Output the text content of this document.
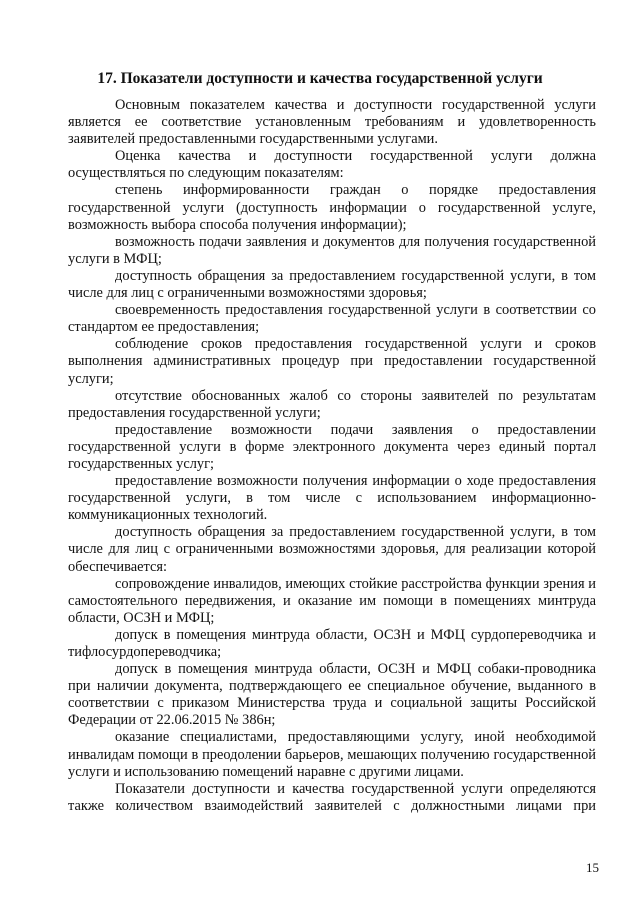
17. Показатели доступности и качества государственной услуги

Основным показателем качества и доступности государственной услуги является ее соответствие установленным требованиям и удовлетворенность заявителей предоставленными государственными услугами.

Оценка качества и доступности государственной услуги должна осуществляться по следующим показателям:

степень информированности граждан о порядке предоставления государственной услуги (доступность информации о государственной услуге, возможность выбора способа получения информации);

возможность подачи заявления и документов для получения государственной услуги в МФЦ;

доступность обращения за предоставлением государственной услуги, в том числе для лиц с ограниченными возможностями здоровья;

своевременность предоставления государственной услуги в соответствии со стандартом ее предоставления;

соблюдение сроков предоставления государственной услуги и сроков выполнения административных процедур при предоставлении государственной услуги;

отсутствие обоснованных жалоб со стороны заявителей по результатам предоставления государственной услуги;

предоставление возможности подачи заявления о предоставлении государственной услуги в форме электронного документа через единый портал государственных услуг;

предоставление возможности получения информации о ходе предоставления государственной услуги, в том числе с использованием информационно-коммуникационных технологий.

доступность обращения за предоставлением государственной услуги, в том числе для лиц с ограниченными возможностями здоровья, для реализации которой обеспечивается:

сопровождение инвалидов, имеющих стойкие расстройства функции зрения и самостоятельного передвижения, и оказание им помощи в помещениях минтруда области, ОСЗН и МФЦ;

допуск в помещения минтруда области, ОСЗН и МФЦ сурдопереводчика и тифлосурдопереводчика;

допуск в помещения минтруда области, ОСЗН и МФЦ собаки-проводника при наличии документа, подтверждающего ее специальное обучение, выданного в соответствии с приказом Министерства труда и социальной защиты Российской Федерации от 22.06.2015 № 386н;

оказание специалистами, предоставляющими услугу, иной необходимой инвалидам помощи в преодолении барьеров, мешающих получению государственной услуги и использованию помещений наравне с другими лицами.

Показатели доступности и качества государственной услуги определяются также количеством взаимодействий заявителей с должностными лицами при

15
